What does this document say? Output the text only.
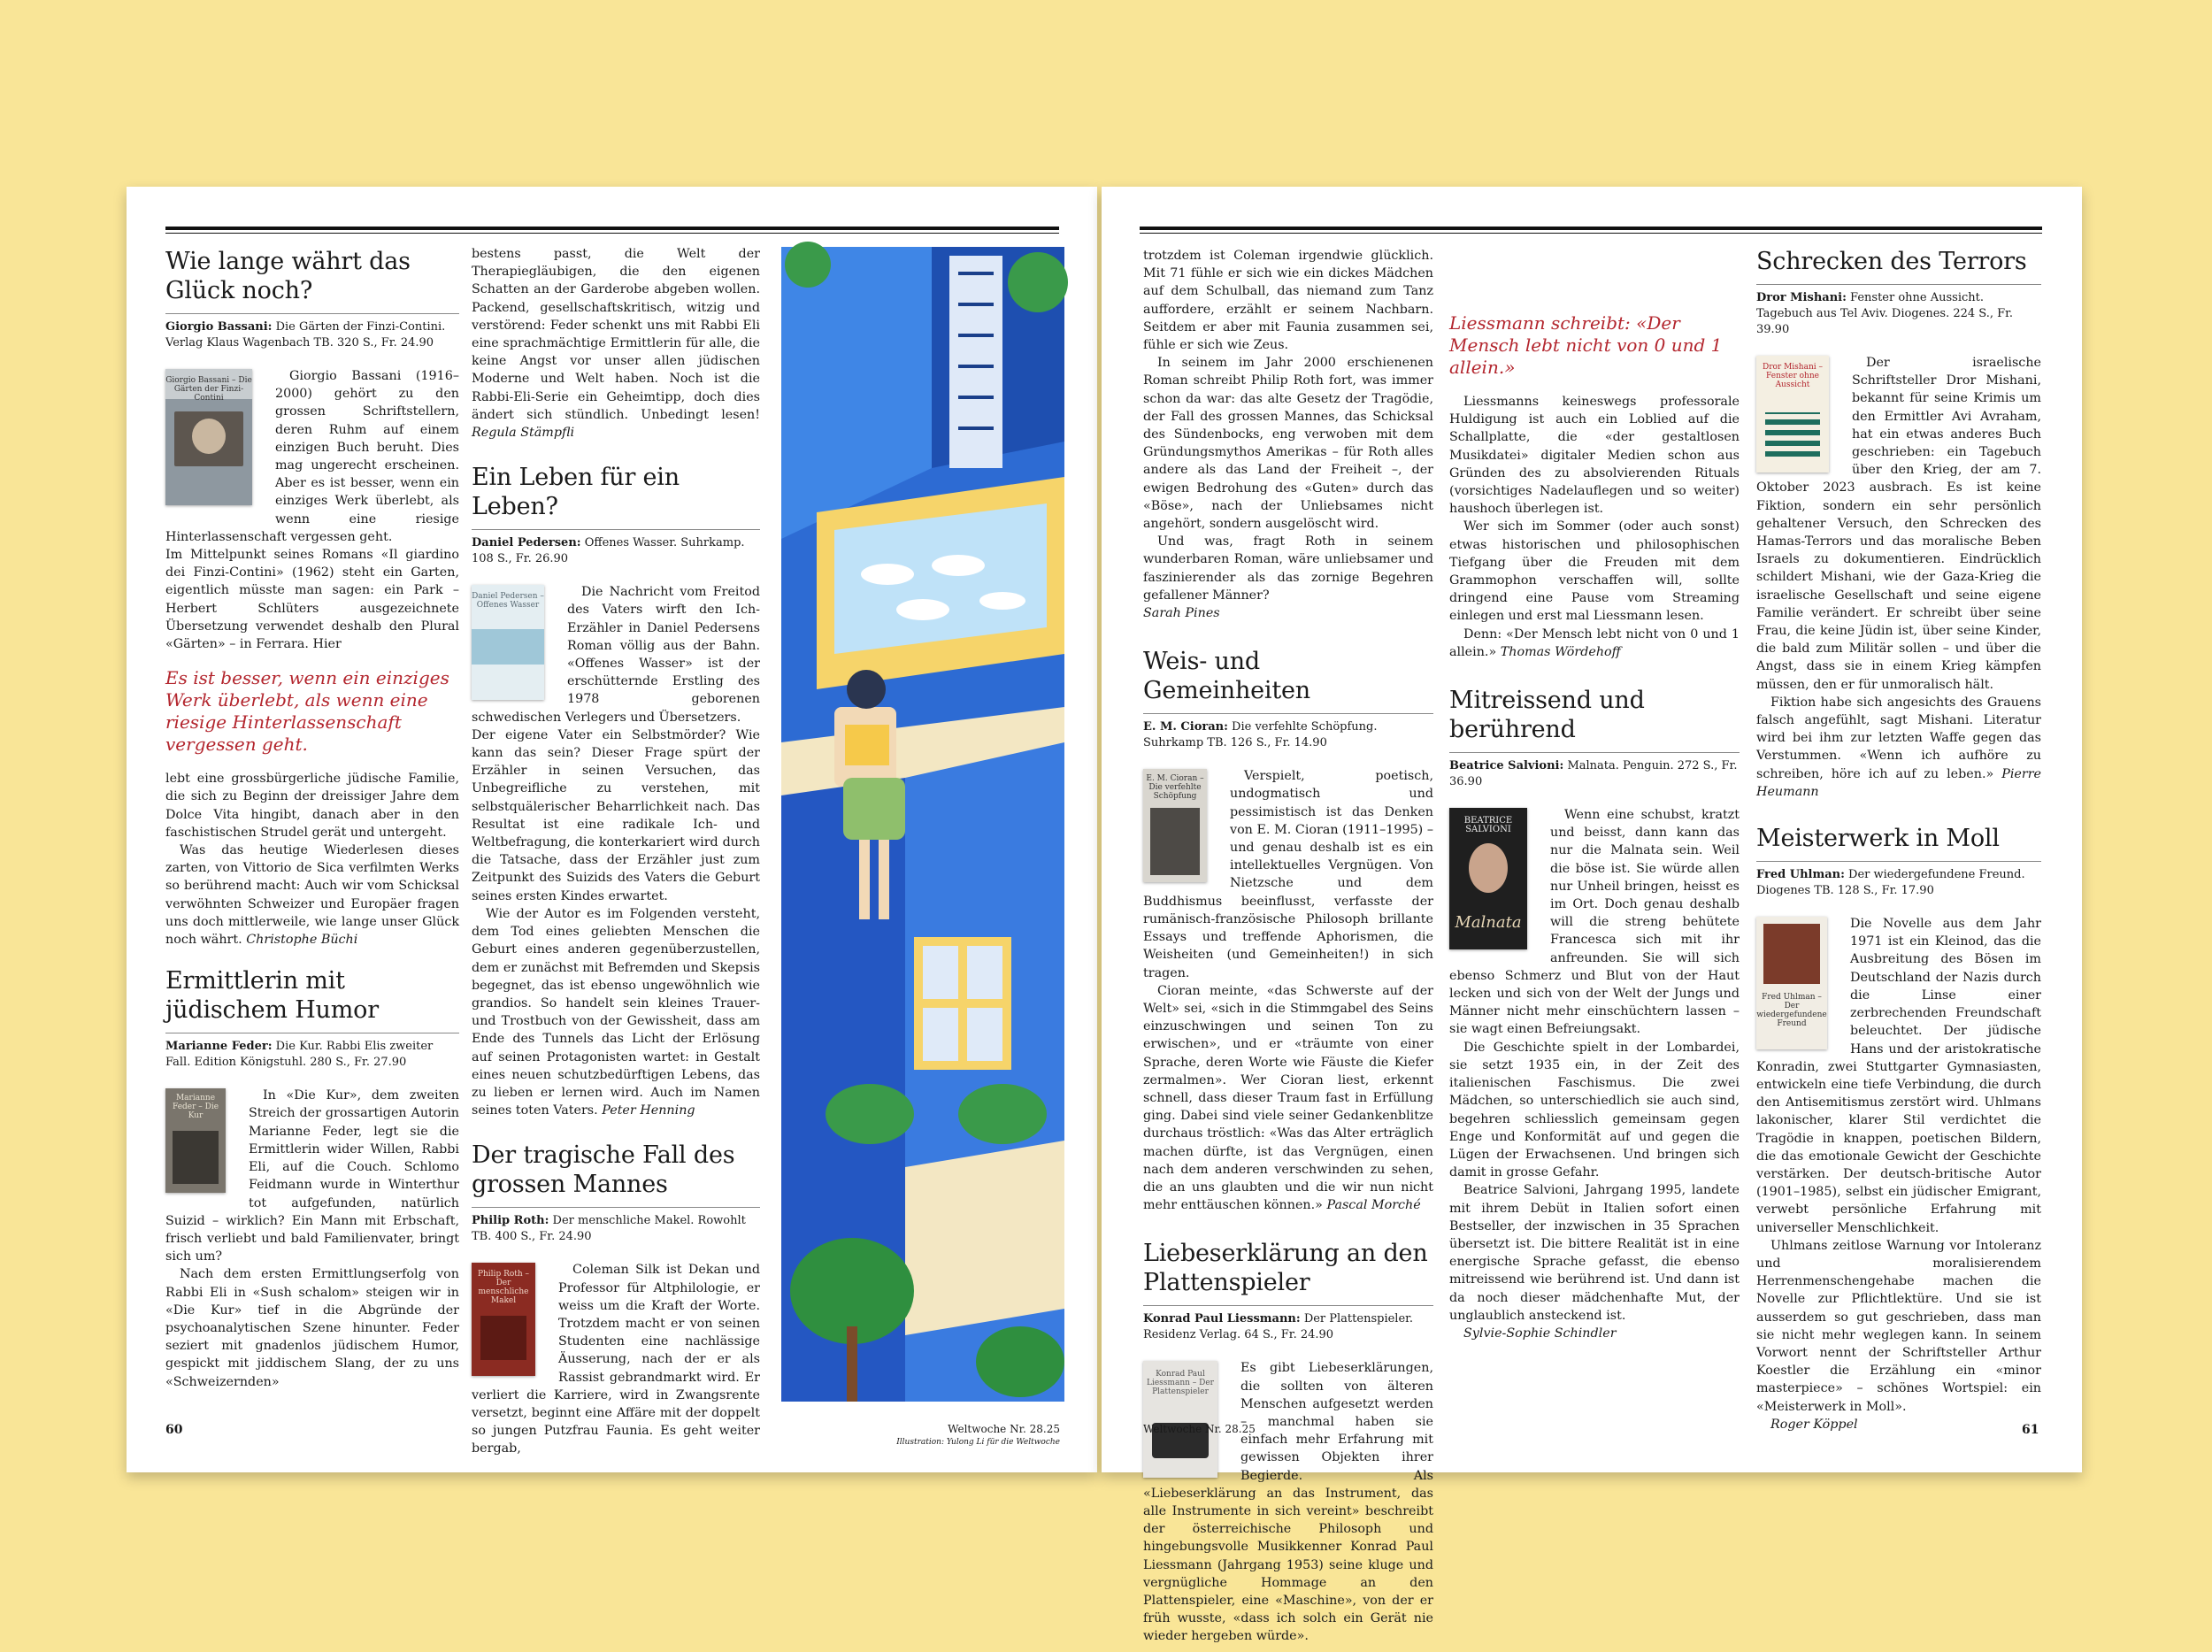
Wie lange währt das Glück noch?
Giorgio Bassani: Die Gärten der Finzi-Contini. Verlag Klaus Wagenbach TB. 320 S., Fr. 24.90
Giorgio Bassani – Die Gärten der Finzi-Contini

Giorgio Bassani (1916–2000) gehört zu den grossen Schriftstellern, deren Ruhm auf einem einzigen Buch beruht. Dies mag ungerecht erscheinen. Aber es ist besser, wenn ein einziges Werk überlebt, als wenn eine riesige Hinterlassenschaft vergessen geht.

Im Mittelpunkt seines Romans «Il giardino dei Finzi-Contini» (1962) steht ein Garten, eigentlich müsste man sagen: ein Park – Herbert Schlüters ausgezeichnete Übersetzung verwendet deshalb den Plural «Gärten» – in Ferrara. Hier

Es ist besser, wenn ein einziges Werk überlebt, als wenn eine riesige Hinterlassenschaft vergessen geht.

lebt eine grossbürgerliche jüdische Familie, die sich zu Beginn der dreissiger Jahre dem Dolce Vita hingibt, danach aber in den faschistischen Strudel gerät und untergeht.

Was das heutige Wiederlesen dieses zarten, von Vittorio de Sica verfilmten Werks so berührend macht: Auch wir vom Schicksal verwöhnten Schweizer und Europäer fragen uns doch mittlerweile, wie lange unser Glück noch währt. Christophe Büchi

Ermittlerin mit jüdischem Humor
Marianne Feder: Die Kur. Rabbi Elis zweiter Fall. Edition Königstuhl. 280 S., Fr. 27.90
Marianne Feder – Die Kur

In «Die Kur», dem zweiten Streich der grossartigen Autorin Marianne Feder, legt sie die Ermittlerin wider Willen, Rabbi Eli, auf die Couch. Schlomo Feidmann wurde in Winterthur tot aufgefunden, natürlich Suizid – wirklich? Ein Mann mit Erbschaft, frisch verliebt und bald Familienvater, bringt sich um?

Nach dem ersten Ermittlungserfolg von Rabbi Eli in «Sush schalom» steigen wir in «Die Kur» tief in die Abgründe der psychoanalytischen Szene hinunter. Feder seziert mit gnadenlos jüdischem Humor, gespickt mit jiddischem Slang, der zu uns «Schweizernden»

bestens passt, die Welt der Therapiegläubigen, die den eigenen Schatten an der Garderobe abgeben wollen. Packend, gesellschaftskritisch, witzig und verstörend: Feder schenkt uns mit Rabbi Eli eine sprachmächtige Ermittlerin für alle, die keine Angst vor unser allen jüdischen Moderne und Welt haben. Noch ist die Rabbi-Eli-Serie ein Geheimtipp, doch dies ändert sich stündlich. Unbedingt lesen! Regula Stämpfli

Ein Leben für ein Leben?
Daniel Pedersen: Offenes Wasser. Suhrkamp. 108 S., Fr. 26.90
Daniel Pedersen – Offenes Wasser

Die Nachricht vom Freitod des Vaters wirft den Ich-Erzähler in Daniel Pedersens Roman völlig aus der Bahn. «Offenes Wasser» ist der erschütternde Erstling des 1978 geborenen schwedischen Verlegers und Übersetzers.

Der eigene Vater ein Selbstmörder? Wie kann das sein? Dieser Frage spürt der Erzähler in seinen Versuchen, das Unbegreifliche zu verstehen, mit selbstquälerischer Beharrlichkeit nach. Das Resultat ist eine radikale Ich- und Weltbefragung, die konterkariert wird durch die Tatsache, dass der Erzähler just zum Zeitpunkt des Suizids des Vaters die Geburt seines ersten Kindes erwartet.

Wie der Autor es im Folgenden versteht, dem Tod eines geliebten Menschen die Geburt eines anderen gegenüberzustellen, dem er zunächst mit Befremden und Skepsis begegnet, das ist ebenso ungewöhnlich wie grandios. So handelt sein kleines Trauer- und Trostbuch von der Gewissheit, dass am Ende des Tunnels das Licht der Erlösung auf seinen Protagonisten wartet: in Gestalt eines neuen schutzbedürftigen Lebens, das zu lieben er lernen wird. Auch im Namen seines toten Vaters. Peter Henning

Der tragische Fall des grossen Mannes
Philip Roth: Der menschliche Makel. Rowohlt TB. 400 S., Fr. 24.90
Philip Roth – Der menschliche Makel

Coleman Silk ist Dekan und Professor für Altphilologie, er weiss um die Kraft der Worte. Trotzdem macht er von seinen Studenten eine nachlässige Äusserung, nach der er als Rassist gebrandmarkt wird. Er verliert die Karriere, wird in Zwangsrente versetzt, beginnt eine Affäre mit der doppelt so jungen Putzfrau Faunia. Es geht weiter bergab,

60	Weltwoche Nr. 28.25
Illustration: Yulong Li für die Weltwoche

trotzdem ist Coleman irgendwie glücklich. Mit 71 fühle er sich wie ein dickes Mädchen auf dem Schulball, das niemand zum Tanz auffordere, erzählt er seinem Nachbarn. Seitdem er aber mit Faunia zusammen sei, fühle er sich wie Zeus.

In seinem im Jahr 2000 erschienenen Roman schreibt Philip Roth fort, was immer schon da war: das alte Gesetz der Tragödie, der Fall des grossen Mannes, das Schicksal des Sündenbocks, eng verwoben mit dem Gründungsmythos Amerikas – für Roth alles andere als das Land der Freiheit –, der ewigen Bedrohung des «Guten» durch das «Böse», nach der Unliebsames nicht angehört, sondern ausgelöscht wird.

Und was, fragt Roth in seinem wunderbaren Roman, wäre unliebsamer und faszinierender als das zornige Begehren gefallener Männer?

Sarah Pines

Weis- und Gemeinheiten
E. M. Cioran: Die verfehlte Schöpfung. Suhrkamp TB. 126 S., Fr. 14.90
E. M. Cioran – Die verfehlte Schöpfung

Verspielt, poetisch, undogmatisch und pessimistisch ist das Denken von E. M. Cioran (1911–1995) – und genau deshalb ist es ein intellektuelles Vergnügen. Von Nietzsche und dem Buddhismus beeinflusst, verfasste der rumänisch-französische Philosoph brillante Essays und treffende Aphorismen, die Weisheiten (und Gemeinheiten!) in sich tragen.

Cioran meinte, «das Schwerste auf der Welt» sei, «sich in die Stimmgabel des Seins einzuschwingen und seinen Ton zu erwischen», und er «träumte von einer Sprache, deren Worte wie Fäuste die Kiefer zermalmen». Wer Cioran liest, erkennt schnell, dass dieser Traum fast in Erfüllung ging. Dabei sind viele seiner Gedankenblitze durchaus tröstlich: «Was das Alter erträglich machen dürfte, ist das Vergnügen, einen nach dem anderen verschwinden zu sehen, die an uns glaubten und die wir nun nicht mehr enttäuschen können.» Pascal Morché

Liebeserklärung an den Plattenspieler
Konrad Paul Liessmann: Der Plattenspieler. Residenz Verlag. 64 S., Fr. 24.90
Konrad Paul Liessmann – Der Plattenspieler

Es gibt Liebeserklärungen, die sollten von älteren Menschen aufgesetzt werden – manchmal haben sie einfach mehr Erfahrung mit gewissen Objekten ihrer Begierde. Als «Liebeserklärung an das Instrument, das alle Instrumente in sich vereint» beschreibt der österreichische Philosoph und hingebungsvolle Musikkenner Konrad Paul Liessmann (Jahrgang 1953) seine kluge und vergnügliche Hommage an den Plattenspieler, eine «Maschine», von der er früh wusste, «dass ich solch ein Gerät nie wieder hergeben würde».

Liessmann schreibt: «Der Mensch lebt nicht von 0 und 1 allein.»

Liessmanns keineswegs professorale Huldigung ist auch ein Loblied auf die Schallplatte, die «der gestaltlosen Musikdatei» digitaler Medien schon aus Gründen des zu absolvierenden Rituals (vorsichtiges Nadelauflegen und so weiter) haushoch überlegen ist.

Wer sich im Sommer (oder auch sonst) etwas historischen und philosophischen Tiefgang über die Freuden mit dem Grammophon verschaffen will, sollte dringend eine Pause vom Streaming einlegen und erst mal Liessmann lesen.

Denn: «Der Mensch lebt nicht von 0 und 1 allein.» Thomas Wördehoff

Mitreissend und berührend
Beatrice Salvioni: Malnata. Penguin. 272 S., Fr. 36.90
BEATRICE SALVIONI
Malnata

Wenn eine schubst, kratzt und beisst, dann kann das nur die Malnata sein. Weil die böse ist. Sie würde allen nur Unheil bringen, heisst es im Ort. Doch genau deshalb will die streng behütete Francesca sich mit ihr anfreunden. Sie will sich ebenso Schmerz und Blut von der Haut lecken und sich von der Welt der Jungs und Männer nicht mehr einschüchtern lassen – sie wagt einen Befreiungsakt.

Die Geschichte spielt in der Lombardei, sie setzt 1935 ein, in der Zeit des italienischen Faschismus. Die zwei Mädchen, so unterschiedlich sie auch sind, begehren schliesslich gemeinsam gegen Enge und Konformität auf und gegen die Lügen der Erwachsenen. Und bringen sich damit in grosse Gefahr.

Beatrice Salvioni, Jahrgang 1995, landete mit ihrem Debüt in Italien sofort einen Bestseller, der inzwischen in 35 Sprachen übersetzt ist. Die bittere Realität ist in eine energische Sprache gefasst, die ebenso mitreissend wie berührend ist. Und dann ist da noch dieser mädchenhafte Mut, der unglaublich ansteckend ist.

Sylvie-Sophie Schindler

Schrecken des Terrors
Dror Mishani: Fenster ohne Aussicht. Tagebuch aus Tel Aviv. Diogenes. 224 S., Fr. 39.90
Dror Mishani – Fenster ohne Aussicht

Der israelische Schriftsteller Dror Mishani, bekannt für seine Krimis um den Ermittler Avi Avraham, hat ein etwas anderes Buch geschrieben: ein Tagebuch über den Krieg, der am 7. Oktober 2023 ausbrach. Es ist keine Fiktion, sondern ein sehr persönlich gehaltener Versuch, den Schrecken des Hamas-Terrors und das moralische Beben Israels zu dokumentieren. Eindrücklich schildert Mishani, wie der Gaza-Krieg die israelische Gesellschaft und seine eigene Familie verändert. Er schreibt über seine Frau, die keine Jüdin ist, über seine Kinder, die bald zum Militär sollen – und über die Angst, dass sie in einem Krieg kämpfen müssen, den er für unmoralisch hält.

Fiktion habe sich angesichts des Grauens falsch angefühlt, sagt Mishani. Literatur wird bei ihm zur letzten Waffe gegen das Verstummen. «Wenn ich aufhöre zu schreiben, höre ich auf zu leben.» Pierre Heumann

Meisterwerk in Moll
Fred Uhlman: Der wiedergefundene Freund. Diogenes TB. 128 S., Fr. 17.90
Fred Uhlman – Der wiedergefundene Freund

Die Novelle aus dem Jahr 1971 ist ein Kleinod, das die Ausbreitung des Bösen im Deutschland der Nazis durch die Linse einer zerbrechenden Freundschaft beleuchtet. Der jüdische Hans und der aristokratische Konradin, zwei Stuttgarter Gymnasiasten, entwickeln eine tiefe Verbindung, die durch den Antisemitismus zerstört wird. Uhlmans lakonischer, klarer Stil verdichtet die Tragödie in knappen, poetischen Bildern, die das emotionale Gewicht der Geschichte verstärken. Der deutsch-britische Autor (1901–1985), selbst ein jüdischer Emigrant, verwebt persönliche Erfahrung mit universeller Menschlichkeit.

Uhlmans zeitlose Warnung vor Intoleranz und moralisierendem Herrenmenschengehabe machen die Novelle zur Pflichtlektüre. Und sie ist ausserdem so gut geschrieben, dass man sie nicht mehr weglegen kann. In seinem Vorwort nennt der Schriftsteller Arthur Koestler die Erzählung ein «minor masterpiece» – schönes Wortspiel: ein «Meisterwerk in Moll».

Roger Köppel

Weltwoche Nr. 28.25	61
